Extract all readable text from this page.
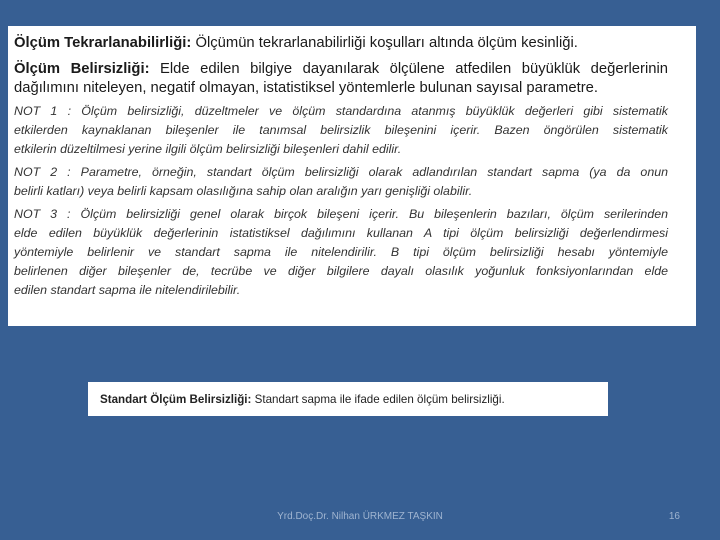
Ölçüm Tekrarlanabilirliği: Ölçümün tekrarlanabilirliği koşulları altında ölçüm kesinliği.

Ölçüm Belirsizliği: Elde edilen bilgiye dayanılarak ölçülene atfedilen büyüklük değerlerinin

dağılımını niteleyen, negatif olmayan, istatistiksel yöntemlerle bulunan sayısal parametre.

NOT 1 : Ölçüm belirsizliği, düzeltmeler ve ölçüm standardına atanmış büyüklük değerleri gibi sistematik

etkilerden kaynaklanan bileşenler ile tanımsal belirsizlik bileşenini içerir. Bazen öngörülen sistematik

etkilerin düzeltilmesi yerine ilgili ölçüm belirsizliği bileşenleri dahil edilir.

NOT 2 : Parametre, örneğin, standart ölçüm belirsizliği olarak adlandırılan standart sapma (ya da onun

belirli katları) veya belirli kapsam olasılığına sahip olan aralığın yarı genişliği olabilir.

NOT 3 : Ölçüm belirsizliği genel olarak birçok bileşeni içerir. Bu bileşenlerin bazıları, ölçüm serilerinden

elde edilen büyüklük değerlerinin istatistiksel dağılımını kullanan A tipi ölçüm belirsizliği değerlendirmesi

yöntemiyle belirlenir ve standart sapma ile nitelendirilir. B tipi ölçüm belirsizliği hesabı yöntemiyle

belirlenen diğer bileşenler de, tecrübe ve diğer bilgilere dayalı olasılık yoğunluk fonksiyonlarından elde

edilen standart sapma ile nitelendirilebilir.

Standart Ölçüm Belirsizliği: Standart sapma ile ifade edilen ölçüm belirsizliği.

Yrd.Doç.Dr. Nilhan ÜRKMEZ TAŞKIN	16
